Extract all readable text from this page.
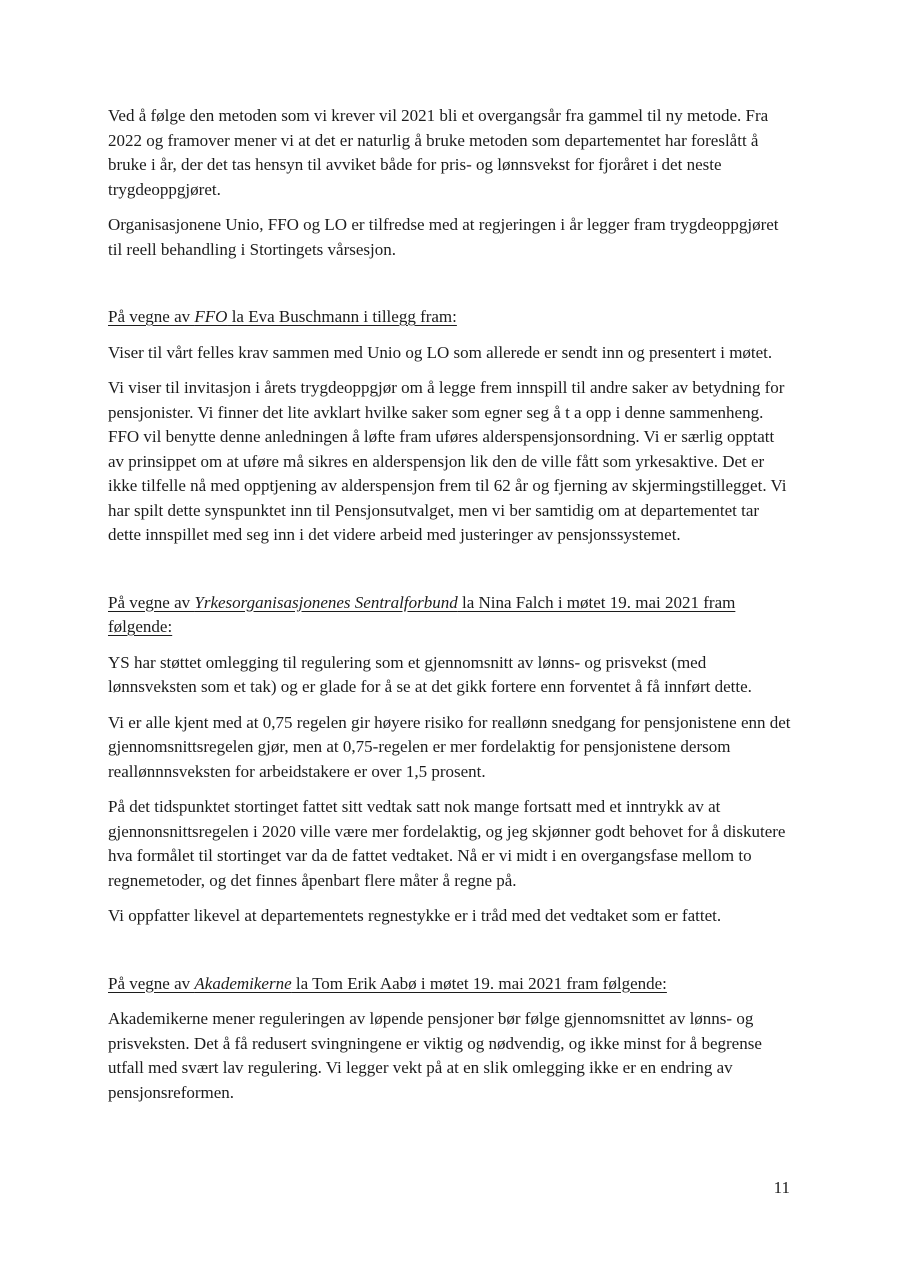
Ved å følge den metoden som vi krever vil 2021 bli et overgangsår fra gammel til ny metode. Fra 2022 og framover mener vi at det er naturlig å bruke metoden som departementet har foreslått å bruke i år, der det tas hensyn til avviket både for pris- og lønnsvekst for fjoråret i det neste trygdeoppgjøret.

Organisasjonene Unio, FFO og LO er tilfredse med at regjeringen i år legger fram trygdeoppgjøret til reell behandling i Stortingets vårsesjon.

På vegne av FFO la Eva Buschmann i tillegg fram:

Viser til vårt felles krav sammen med Unio og LO som allerede er sendt inn og presentert i møtet.

Vi viser til invitasjon i årets trygdeoppgjør om å legge frem innspill til andre saker av betydning for pensjonister. Vi finner det lite avklart hvilke saker som egner seg å t a opp i denne sammenheng. FFO vil benytte denne anledningen å løfte fram uføres alderspensjonsordning. Vi er særlig opptatt av prinsippet om at uføre må sikres en alderspensjon lik den de ville fått som yrkesaktive. Det er ikke tilfelle nå med opptjening av alderspensjon frem til 62 år og fjerning av skjermingstillegget. Vi har spilt dette synspunktet inn til Pensjonsutvalget, men vi ber samtidig om at departementet tar dette innspillet med seg inn i det videre arbeid med justeringer av pensjonssystemet.

På vegne av Yrkesorganisasjonenes Sentralforbund la Nina Falch i møtet 19. mai 2021 fram følgende:

YS har støttet omlegging til regulering som et gjennomsnitt av lønns- og prisvekst (med lønnsveksten som et tak) og er glade for å se at det gikk fortere enn forventet å få innført dette.

Vi er alle kjent med at 0,75 regelen gir høyere risiko for reallønn snedgang for pensjonistene enn det gjennomsnittsregelen gjør, men at 0,75-regelen er mer fordelaktig for pensjonistene dersom reallønnnsveksten for arbeidstakere er over 1,5 prosent.

På det tidspunktet stortinget fattet sitt vedtak satt nok mange fortsatt med et inntrykk av at gjennonsnittsregelen i 2020 ville være mer fordelaktig, og jeg skjønner godt behovet for å diskutere hva formålet til stortinget var da de fattet vedtaket. Nå er vi midt i en overgangsfase mellom to regnemetoder, og det finnes åpenbart flere måter å regne på.

Vi oppfatter likevel at departementets regnestykke er i tråd med det vedtaket som er fattet.

På vegne av Akademikerne la Tom Erik Aabø i møtet 19. mai 2021 fram følgende:

Akademikerne mener reguleringen av løpende pensjoner bør følge gjennomsnittet av lønns- og prisveksten. Det å få redusert svingningene er viktig og nødvendig, og ikke minst for å begrense utfall med svært lav regulering. Vi legger vekt på at en slik omlegging ikke er en endring av pensjonsreformen.

11
